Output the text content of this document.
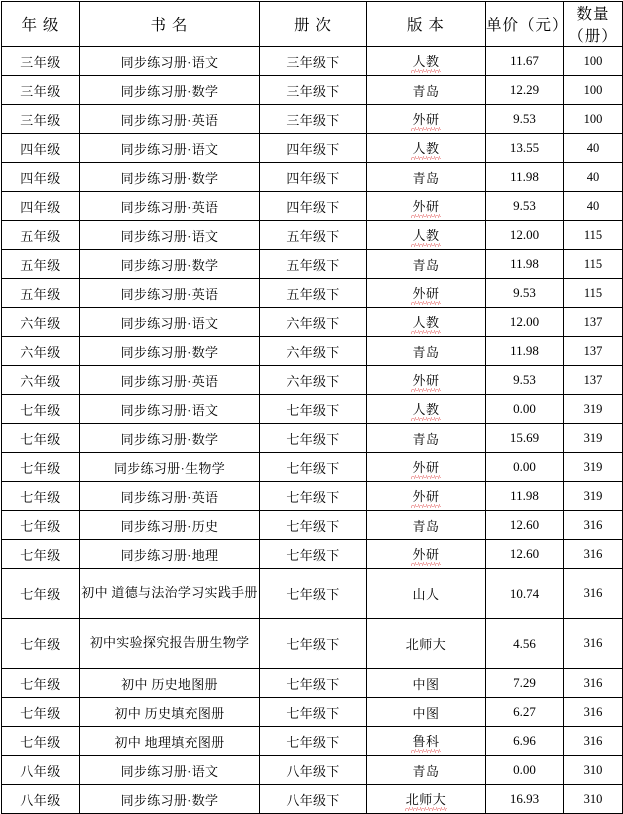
年 级	书 名	册 次	版 本	单价（元）	数量（册）
三年级	同步练习册·语文	三年级下	人教	11.67	100
三年级	同步练习册·数学	三年级下	青岛	12.29	100
三年级	同步练习册·英语	三年级下	外研	9.53	100
四年级	同步练习册·语文	四年级下	人教	13.55	40
四年级	同步练习册·数学	四年级下	青岛	11.98	40
四年级	同步练习册·英语	四年级下	外研	9.53	40
五年级	同步练习册·语文	五年级下	人教	12.00	115
五年级	同步练习册·数学	五年级下	青岛	11.98	115
五年级	同步练习册·英语	五年级下	外研	9.53	115
六年级	同步练习册·语文	六年级下	人教	12.00	137
六年级	同步练习册·数学	六年级下	青岛	11.98	137
六年级	同步练习册·英语	六年级下	外研	9.53	137
七年级	同步练习册·语文	七年级下	人教	0.00	319
七年级	同步练习册·数学	七年级下	青岛	15.69	319
七年级	同步练习册·生物学	七年级下	外研	0.00	319
七年级	同步练习册·英语	七年级下	外研	11.98	319
七年级	同步练习册·历史	七年级下	青岛	12.60	316
七年级	同步练习册·地理	七年级下	外研	12.60	316
七年级	初中 道德与法治学习实践手册	七年级下	山人	10.74	316
七年级	初中实验探究报告册生物学	七年级下	北师大	4.56	316
七年级	初中 历史地图册	七年级下	中图	7.29	316
七年级	初中 历史填充图册	七年级下	中图	6.27	316
七年级	初中 地理填充图册	七年级下	鲁科	6.96	316
八年级	同步练习册·语文	八年级下	青岛	0.00	310
八年级	同步练习册·数学	八年级下	北师大	16.93	310
